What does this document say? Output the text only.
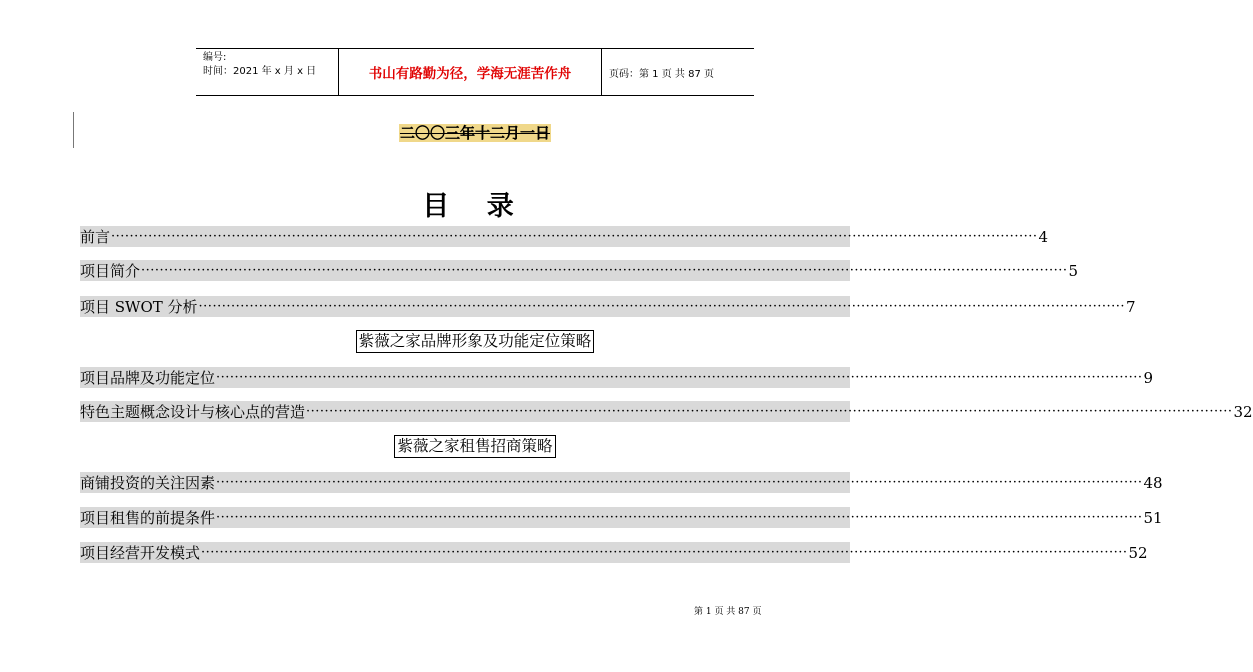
编号:
时间：2021 年 x 月 x 日	书山有路勤为径，学海无涯苦作舟	页码：第 1 页 共 87 页
二〇〇三年十二月一日
目 录
前言 ········································································································································································································ 4
项目简介 ········································································································································································································ 5
项目 SWOT 分析 ········································································································································································································ 7
紫薇之家品牌形象及功能定位策略
项目品牌及功能定位 ········································································································································································································ 9
特色主题概念设计与核心点的营造 ········································································································································································································ 32
紫薇之家租售招商策略
商铺投资的关注因素 ········································································································································································································ 48
项目租售的前提条件 ········································································································································································································ 51
项目经营开发模式 ········································································································································································································ 52
第 1 页 共 87 页
